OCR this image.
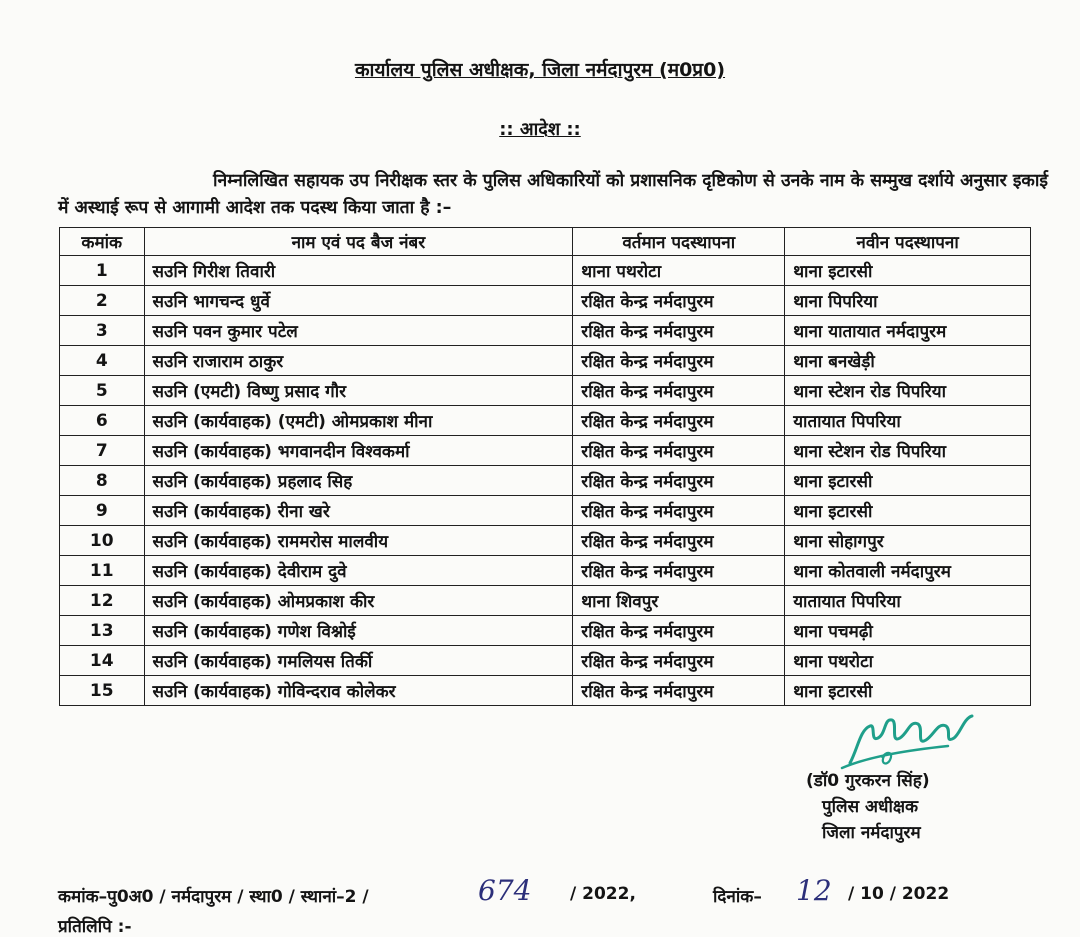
कार्यालय पुलिस अधीक्षक, जिला नर्मदापुरम (म0प्र0)
:: आदेश ::
निम्नलिखित सहायक उप निरीक्षक स्तर के पुलिस अधिकारियों को प्रशासनिक दृष्टिकोण से उनके नाम के सम्मुख दर्शाये अनुसार इकाई में अस्थाई रूप से आगामी आदेश तक पदस्थ किया जाता है :–
कमांक	नाम एवं पद बैज नंबर	वर्तमान पदस्थापना	नवीन पदस्थापना
1	सउनि गिरीश तिवारी	थाना पथरोटा	थाना इटारसी
2	सउनि भागचन्द धुर्वे	रक्षित केन्द्र नर्मदापुरम	थाना पिपरिया
3	सउनि पवन कुमार पटेल	रक्षित केन्द्र नर्मदापुरम	थाना यातायात नर्मदापुरम
4	सउनि राजाराम ठाकुर	रक्षित केन्द्र नर्मदापुरम	थाना बनखेड़ी
5	सउनि (एमटी) विष्णु प्रसाद गौर	रक्षित केन्द्र नर्मदापुरम	थाना स्टेशन रोड पिपरिया
6	सउनि (कार्यवाहक) (एमटी) ओमप्रकाश मीना	रक्षित केन्द्र नर्मदापुरम	यातायात पिपरिया
7	सउनि (कार्यवाहक) भगवानदीन विश्वकर्मा	रक्षित केन्द्र नर्मदापुरम	थाना स्टेशन रोड पिपरिया
8	सउनि (कार्यवाहक) प्रहलाद सिह	रक्षित केन्द्र नर्मदापुरम	थाना इटारसी
9	सउनि (कार्यवाहक) रीना खरे	रक्षित केन्द्र नर्मदापुरम	थाना इटारसी
10	सउनि (कार्यवाहक) राममरोस मालवीय	रक्षित केन्द्र नर्मदापुरम	थाना सोहागपुर
11	सउनि (कार्यवाहक) देवीराम दुवे	रक्षित केन्द्र नर्मदापुरम	थाना कोतवाली नर्मदापुरम
12	सउनि (कार्यवाहक) ओमप्रकाश कीर	थाना शिवपुर	यातायात पिपरिया
13	सउनि (कार्यवाहक) गणेश विश्नोई	रक्षित केन्द्र नर्मदापुरम	थाना पचमढ़ी
14	सउनि (कार्यवाहक) गमलियस तिर्की	रक्षित केन्द्र नर्मदापुरम	थाना पथरोटा
15	सउनि (कार्यवाहक) गोविन्दराव कोलेकर	रक्षित केन्द्र नर्मदापुरम	थाना इटारसी
(डॉ0 गुरकरन सिंह)
पुलिस अधीक्षक
जिला नर्मदापुरम
कमांक–पु0अ0 / नर्मदापुरम / स्था0 / स्थानां–2 /	674 / 2022,	दिनांक– 12 / 10 / 2022
प्रतिलिपि :-
